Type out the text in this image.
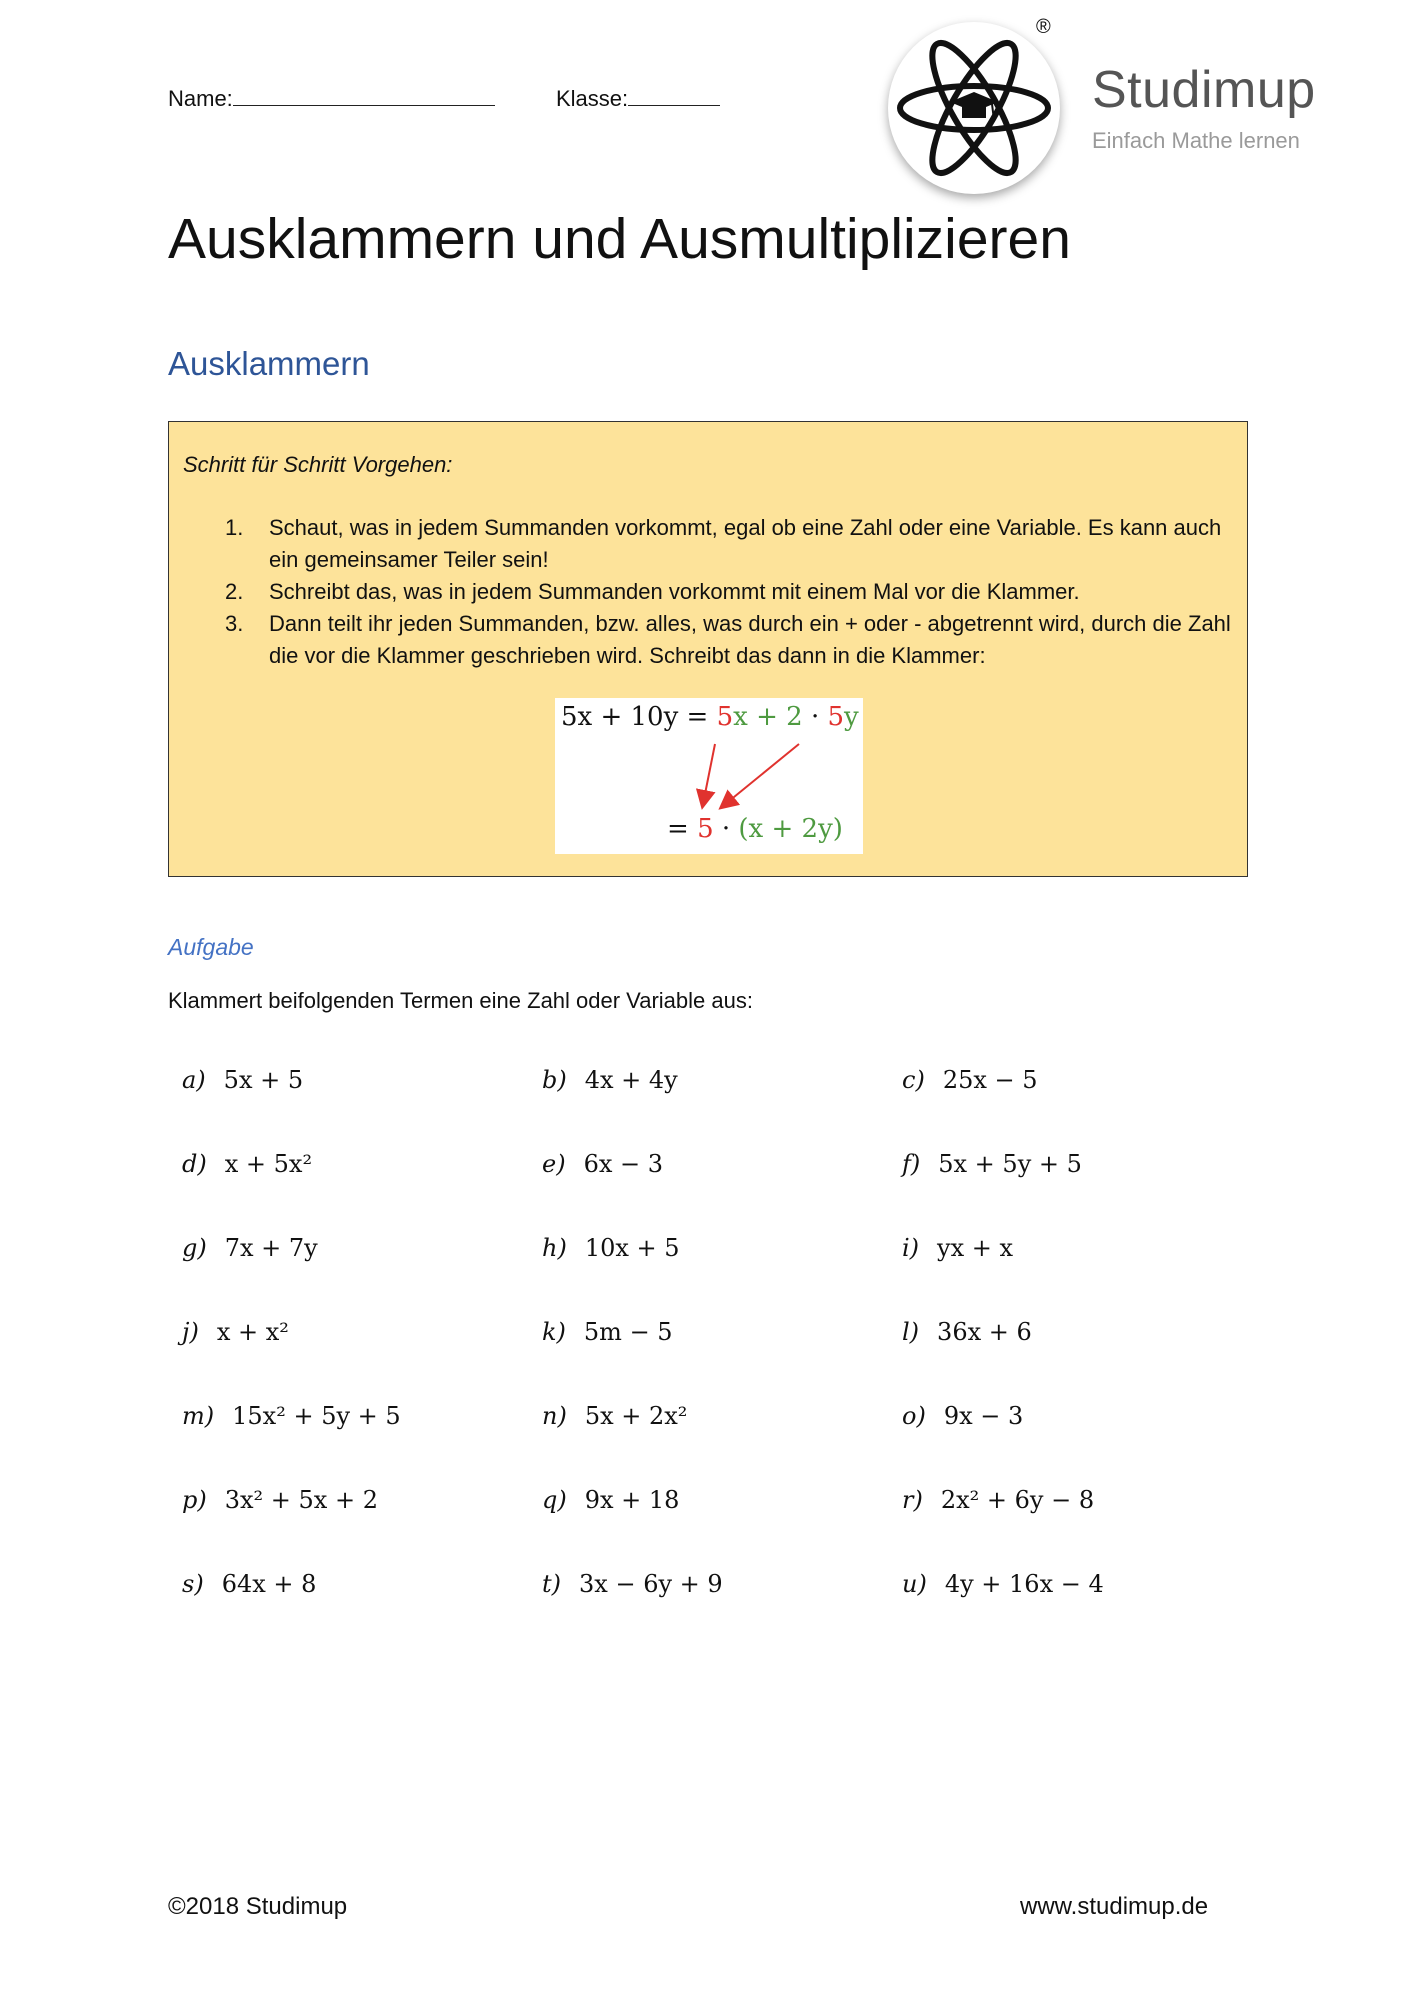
Name:	Klasse:
®
Studimup
Einfach Mathe lernen
Ausklammern und Ausmultiplizieren
Ausklammern
Schritt für Schritt Vorgehen:
1. Schaut, was in jedem Summanden vorkommt, egal ob eine Zahl oder eine Variable. Es kann auch ein gemeinsamer Teiler sein!
2. Schreibt das, was in jedem Summanden vorkommt mit einem Mal vor die Klammer.
3. Dann teilt ihr jeden Summanden, bzw. alles, was durch ein + oder - abgetrennt wird, durch die Zahl die vor die Klammer geschrieben wird. Schreibt das dann in die Klammer:
5x + 10y = 5x + 2 · 5y
= 5 · (x + 2y)
Aufgabe
Klammert beifolgenden Termen eine Zahl oder Variable aus:
a) 5x + 5	b) 4x + 4y	c) 25x − 5
d) x + 5x²	e) 6x − 3	f) 5x + 5y + 5
g) 7x + 7y	h) 10x + 5	i) yx + x
j) x + x²	k) 5m − 5	l) 36x + 6
m) 15x² + 5y + 5	n) 5x + 2x²	o) 9x − 3
p) 3x² + 5x + 2	q) 9x + 18	r) 2x² + 6y − 8
s) 64x + 8	t) 3x − 6y + 9	u) 4y + 16x − 4
©2018 Studimup	www.studimup.de
